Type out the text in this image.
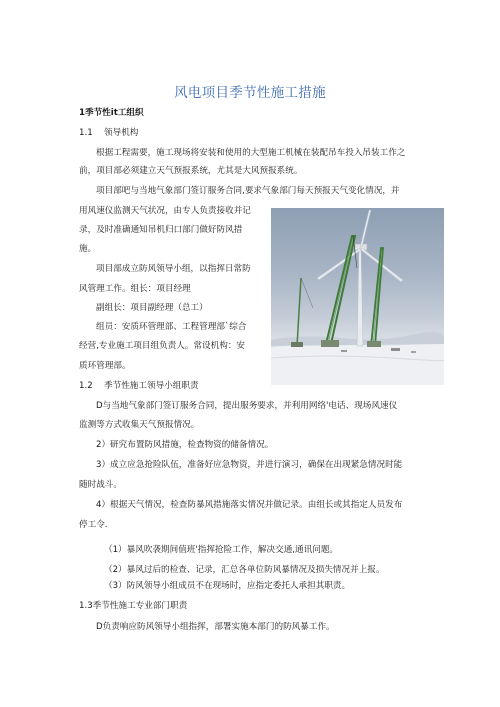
风电项目季节性施工措施
1季节性it工组织
1.1 领导机构
根据工程需要，施工现场将安装和使用的大型施工机械在装配吊车投入吊装工作之
前，项目部必须建立天气预报系统，尤其是大风预报系统。
项目部吧与当地气象部门签订服务合同,要求气象部门每天预报天气变化情况，并
用风速仪监测天气状况，由专人负责接收并记
录，及时准确通知吊机归口部门做好防风措
施。
项目部成立防风领导小组，以指挥日常防
风管理工作。组长：项目经理
副组长：项目副经理（总工）
组员：安质环管理部、工程管理部`综合
经营,专业施工项目组负责人。常设机构：安
质环管理部。
1.2 季节性施工领导小组职责
D与当地气象部门签订服务合同，提出服务要求，并利用网络'电话、现场风速仪
监测等方式收集天气预报情况。
2）研究布置防风措施，检查物资的储备情况。
3）成立应急抢险队伍，准备好应急物资，并进行演习，确保在出现紧急情况时能
随时战斗。
4）根据天气情况，检查防暴风措施落实情况并做记录。由组长或其指定人员发布
停工令.
（1）暴风吹袭期间值班'指挥抢险工作，解决交通,通讯问题。
（2）暴风过后的检查、记录，汇总各单位防风暴情况及损失情况并上报。
（3）防风领导小组成员不在现场时，应指定委托人承担其职责。
1.3季节性施工专业部门职责
D负责响应防风领导小组指挥，部署实施本部门的防风暴工作。
